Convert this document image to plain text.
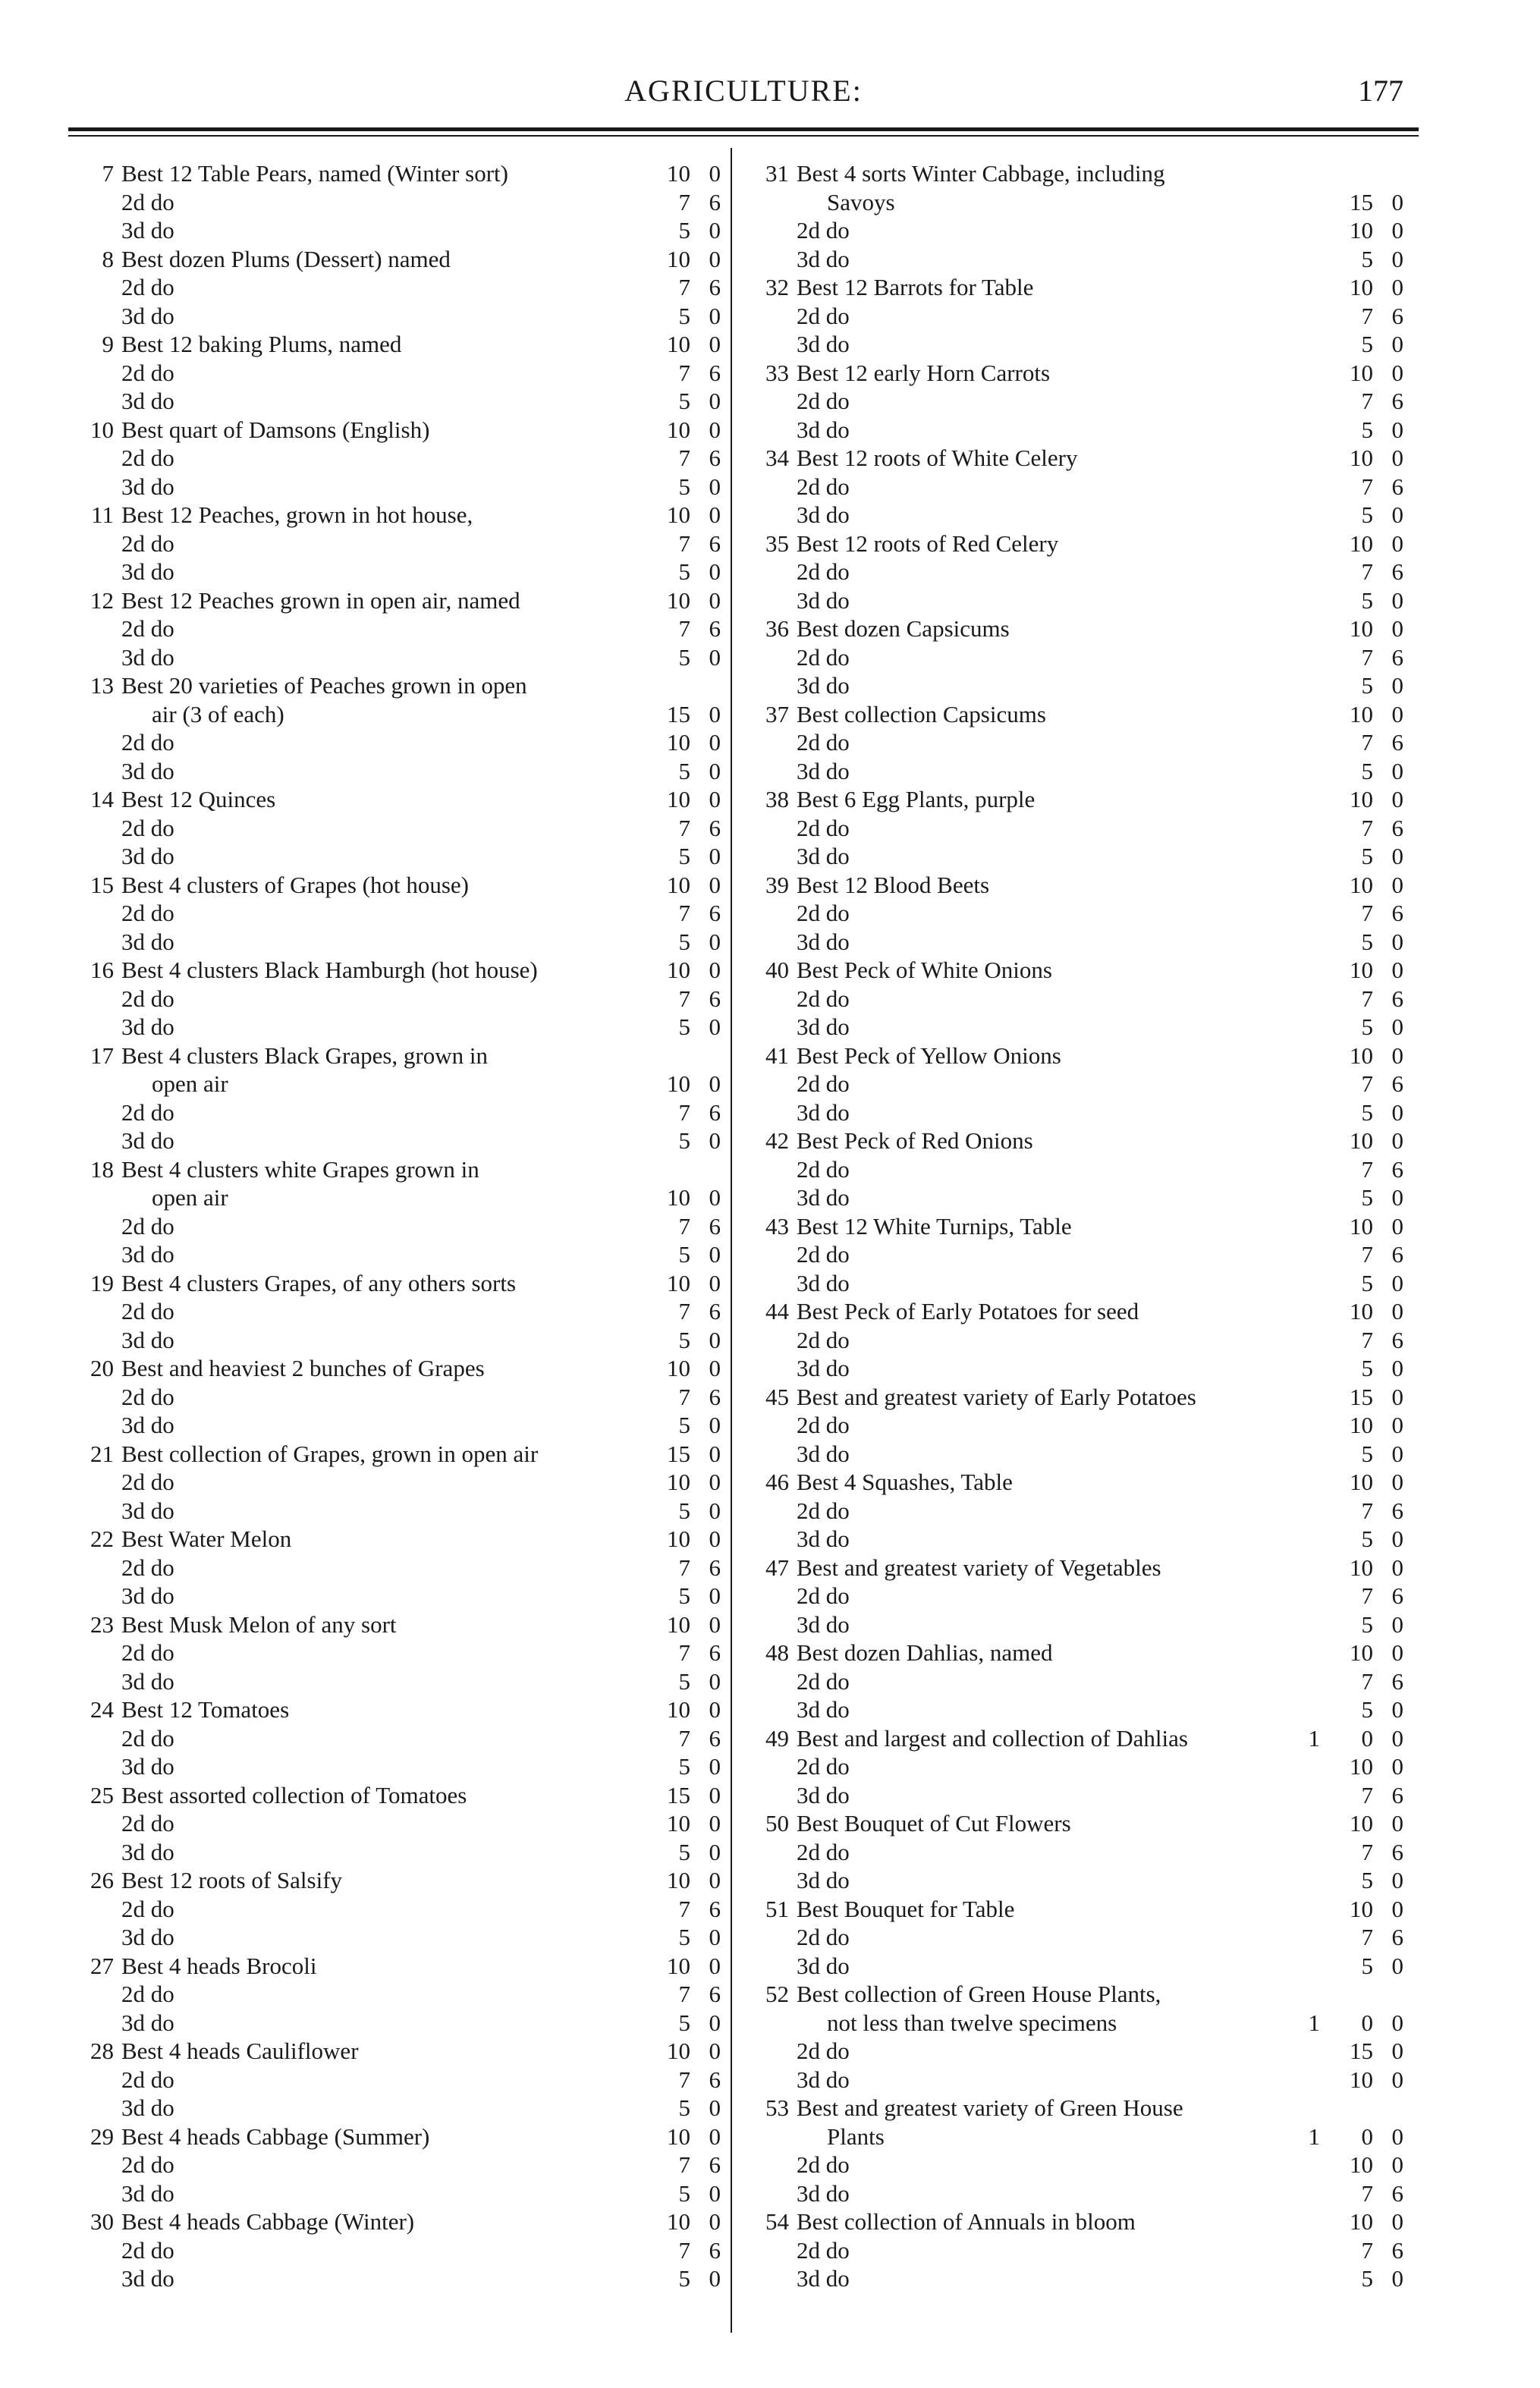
AGRICULTURE:	177
7 Best 12 Table Pears, named (Winter sort)	10 0
2d do	7 6
3d do	5 0
8 Best dozen Plums (Dessert) named	10 0
2d do	7 6
3d do	5 0
9 Best 12 baking Plums, named	10 0
2d do	7 6
3d do	5 0
10 Best quart of Damsons (English)	10 0
2d do	7 6
3d do	5 0
11 Best 12 Peaches, grown in hot house,	10 0
2d do	7 6
3d do	5 0
12 Best 12 Peaches grown in open air, named	10 0
2d do	7 6
3d do	5 0
13 Best 20 varieties of Peaches grown in open
air (3 of each)	15 0
2d do	10 0
3d do	5 0
14 Best 12 Quinces	10 0
2d do	7 6
3d do	5 0
15 Best 4 clusters of Grapes (hot house)	10 0
2d do	7 6
3d do	5 0
16 Best 4 clusters Black Hamburgh (hot house)	10 0
2d do	7 6
3d do	5 0
17 Best 4 clusters Black Grapes, grown in
open air	10 0
2d do	7 6
3d do	5 0
18 Best 4 clusters white Grapes grown in
open air	10 0
2d do	7 6
3d do	5 0
19 Best 4 clusters Grapes, of any others sorts	10 0
2d do	7 6
3d do	5 0
20 Best and heaviest 2 bunches of Grapes	10 0
2d do	7 6
3d do	5 0
21 Best collection of Grapes, grown in open air	15 0
2d do	10 0
3d do	5 0
22 Best Water Melon	10 0
2d do	7 6
3d do	5 0
23 Best Musk Melon of any sort	10 0
2d do	7 6
3d do	5 0
24 Best 12 Tomatoes	10 0
2d do	7 6
3d do	5 0
25 Best assorted collection of Tomatoes	15 0
2d do	10 0
3d do	5 0
26 Best 12 roots of Salsify	10 0
2d do	7 6
3d do	5 0
27 Best 4 heads Brocoli	10 0
2d do	7 6
3d do	5 0
28 Best 4 heads Cauliflower	10 0
2d do	7 6
3d do	5 0
29 Best 4 heads Cabbage (Summer)	10 0
2d do	7 6
3d do	5 0
30 Best 4 heads Cabbage (Winter)	10 0
2d do	7 6
3d do	5 0
31 Best 4 sorts Winter Cabbage, including
Savoys	15 0
2d do	10 0
3d do	5 0
32 Best 12 Barrots for Table	10 0
2d do	7 6
3d do	5 0
33 Best 12 early Horn Carrots	10 0
2d do	7 6
3d do	5 0
34 Best 12 roots of White Celery	10 0
2d do	7 6
3d do	5 0
35 Best 12 roots of Red Celery	10 0
2d do	7 6
3d do	5 0
36 Best dozen Capsicums	10 0
2d do	7 6
3d do	5 0
37 Best collection Capsicums	10 0
2d do	7 6
3d do	5 0
38 Best 6 Egg Plants, purple	10 0
2d do	7 6
3d do	5 0
39 Best 12 Blood Beets	10 0
2d do	7 6
3d do	5 0
40 Best Peck of White Onions	10 0
2d do	7 6
3d do	5 0
41 Best Peck of Yellow Onions	10 0
2d do	7 6
3d do	5 0
42 Best Peck of Red Onions	10 0
2d do	7 6
3d do	5 0
43 Best 12 White Turnips, Table	10 0
2d do	7 6
3d do	5 0
44 Best Peck of Early Potatoes for seed	10 0
2d do	7 6
3d do	5 0
45 Best and greatest variety of Early Potatoes	15 0
2d do	10 0
3d do	5 0
46 Best 4 Squashes, Table	10 0
2d do	7 6
3d do	5 0
47 Best and greatest variety of Vegetables	10 0
2d do	7 6
3d do	5 0
48 Best dozen Dahlias, named	10 0
2d do	7 6
3d do	5 0
49 Best and largest and collection of Dahlias	1	0 0
2d do	10 0
3d do	7 6
50 Best Bouquet of Cut Flowers	10 0
2d do	7 6
3d do	5 0
51 Best Bouquet for Table	10 0
2d do	7 6
3d do	5 0
52 Best collection of Green House Plants,
not less than twelve specimens	1	0 0
2d do	15 0
3d do	10 0
53 Best and greatest variety of Green House
Plants	1	0 0
2d do	10 0
3d do	7 6
54 Best collection of Annuals in bloom	10 0
2d do	7 6
3d do	5 0
